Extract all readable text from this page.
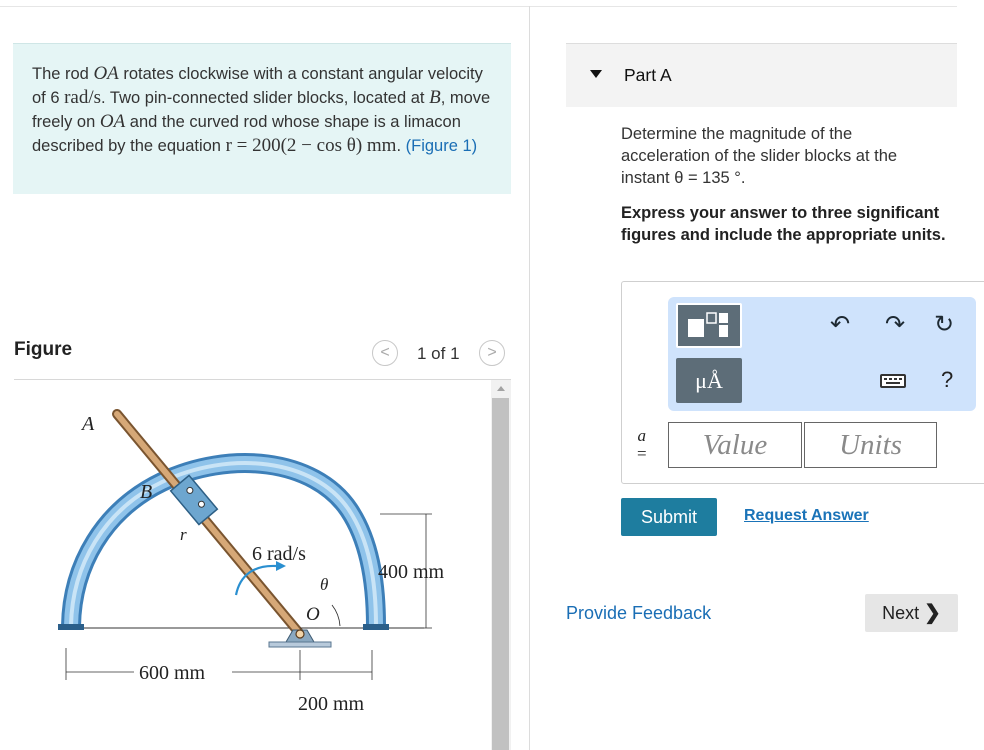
The rod OA rotates clockwise with a constant angular velocity of 6 rad/s. Two pin-connected slider blocks, located at B, move freely on OA and the curved rod whose shape is a limacon described by the equation r = 200(2 − cos θ) mm. (Figure 1)
Figure	<	1 of 1	>
A
B
r
6 rad/s
θ
O
400 mm
600 mm
200 mm
Part A
Determine the magnitude of the acceleration of the slider blocks at the instant θ = 135 °.
Express your answer to three significant figures and include the appropriate units.
μÅ
↶ ↷ ↻
?
a
=	Value	Units
Submit	Request Answer
Provide Feedback	Next ❯
